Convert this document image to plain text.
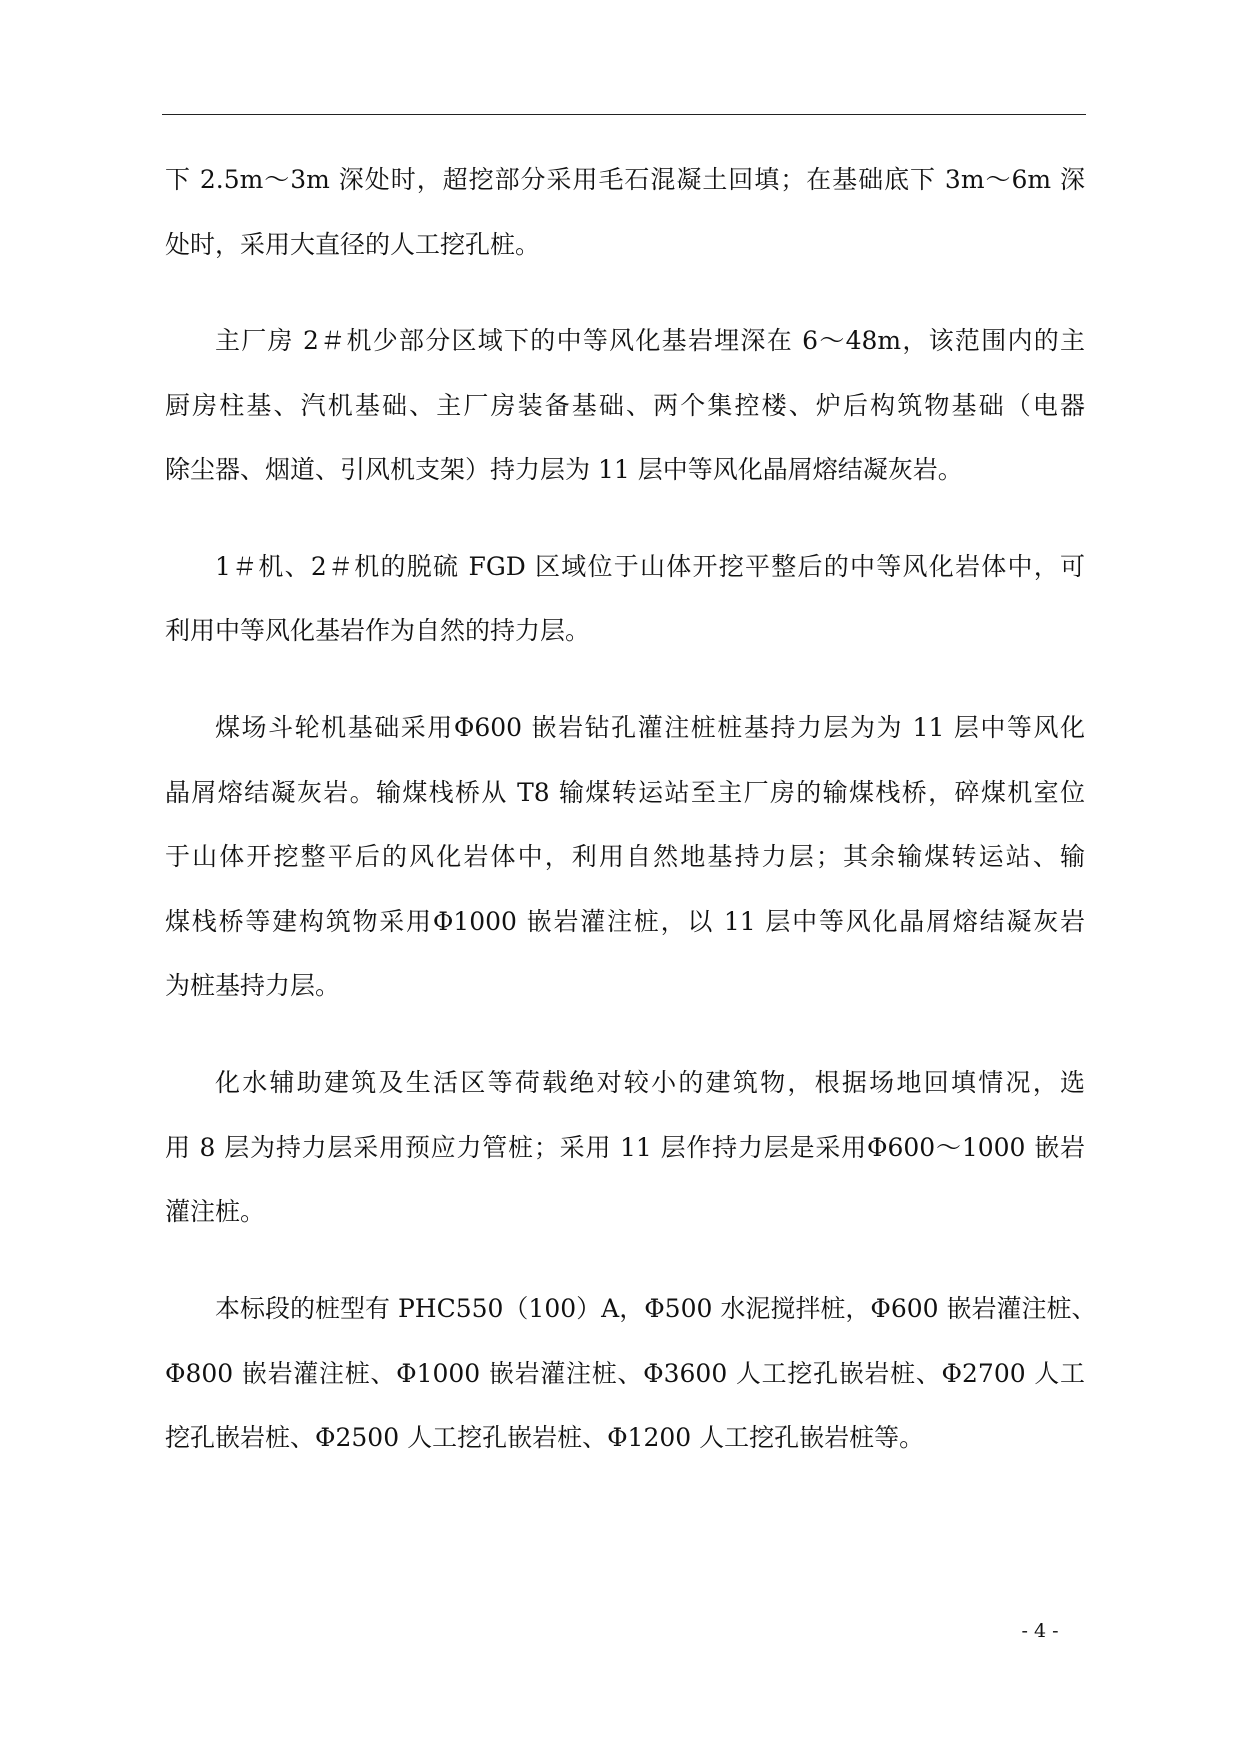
下 2.5m～3m 深处时，超挖部分采用毛石混凝土回填；在基础底下 3m～6m 深
处时，采用大直径的人工挖孔桩。
主厂房 2＃机少部分区域下的中等风化基岩埋深在 6～48m，该范围内的主
厨房柱基、汽机基础、主厂房装备基础、两个集控楼、炉后构筑物基础（电器
除尘器、烟道、引风机支架）持力层为 11 层中等风化晶屑熔结凝灰岩。
1＃机、2＃机的脱硫 FGD 区域位于山体开挖平整后的中等风化岩体中，可
利用中等风化基岩作为自然的持力层。
煤场斗轮机基础采用Φ600 嵌岩钻孔灌注桩桩基持力层为为 11 层中等风化
晶屑熔结凝灰岩。输煤栈桥从 T8 输煤转运站至主厂房的输煤栈桥，碎煤机室位
于山体开挖整平后的风化岩体中，利用自然地基持力层；其余输煤转运站、输
煤栈桥等建构筑物采用Φ1000 嵌岩灌注桩，以 11 层中等风化晶屑熔结凝灰岩
为桩基持力层。
化水辅助建筑及生活区等荷载绝对较小的建筑物，根据场地回填情况，选
用 8 层为持力层采用预应力管桩；采用 11 层作持力层是采用Φ600～1000 嵌岩
灌注桩。
本标段的桩型有 PHC550（100）A，Φ500 水泥搅拌桩，Φ600 嵌岩灌注桩、
Φ800 嵌岩灌注桩、Φ1000 嵌岩灌注桩、Φ3600 人工挖孔嵌岩桩、Φ2700 人工
挖孔嵌岩桩、Φ2500 人工挖孔嵌岩桩、Φ1200 人工挖孔嵌岩桩等。
- 4 -
